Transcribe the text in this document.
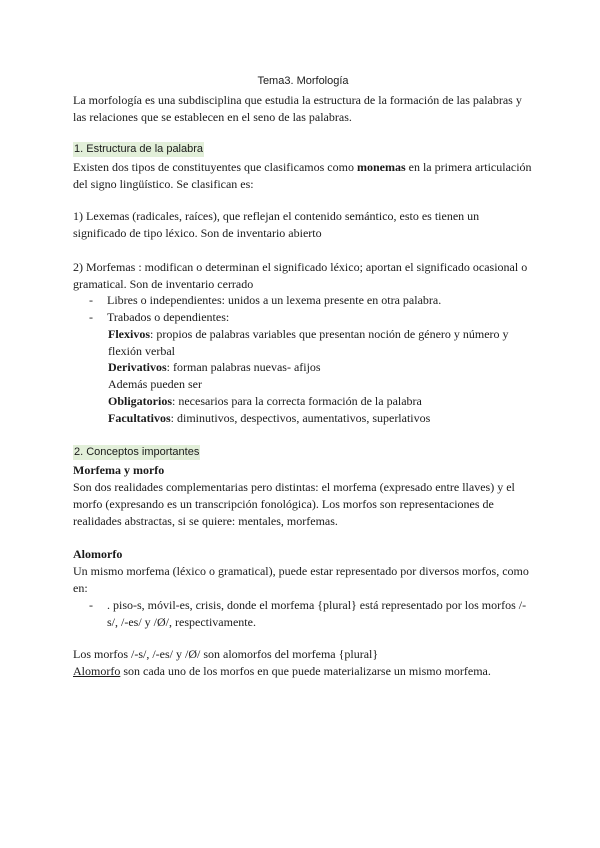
Tema3. Morfología

La morfología es una subdisciplina que estudia la estructura de la formación de las palabras y las relaciones que se establecen en el seno de las palabras.

1. Estructura de la palabra

Existen dos tipos de constituyentes que clasificamos como monemas en la primera articulación del signo lingüístico. Se clasifican es:

1) Lexemas (radicales, raíces), que reflejan el contenido semántico, esto es tienen un significado de tipo léxico. Son de inventario abierto

2) Morfemas : modifican o determinan el significado léxico; aportan el significado ocasional o gramatical. Son de inventario cerrado

- Libres o independientes: unidos a un lexema presente en otra palabra.
- Trabados o dependientes:
Flexivos: propios de palabras variables que presentan noción de género y número y flexión verbal
Derivativos: forman palabras nuevas- afijos
Además pueden ser
Obligatorios: necesarios para la correcta formación de la palabra
Facultativos: diminutivos, despectivos, aumentativos, superlativos
2. Conceptos importantes

Morfema y morfo

Son dos realidades complementarias pero distintas: el morfema (expresado entre llaves) y el morfo (expresando es un transcripción fonológica). Los morfos son representaciones de realidades abstractas, si se quiere: mentales, morfemas.

Alomorfo

Un mismo morfema (léxico o gramatical), puede estar representado por diversos morfos, como en:

- . piso-s, móvil-es, crisis, donde el morfema {plural} está representado por los morfos /-s/, /-es/ y /Ø/, respectivamente.

Los morfos /-s/, /-es/ y /Ø/ son alomorfos del morfema {plural}

Alomorfo son cada uno de los morfos en que puede materializarse un mismo morfema.
